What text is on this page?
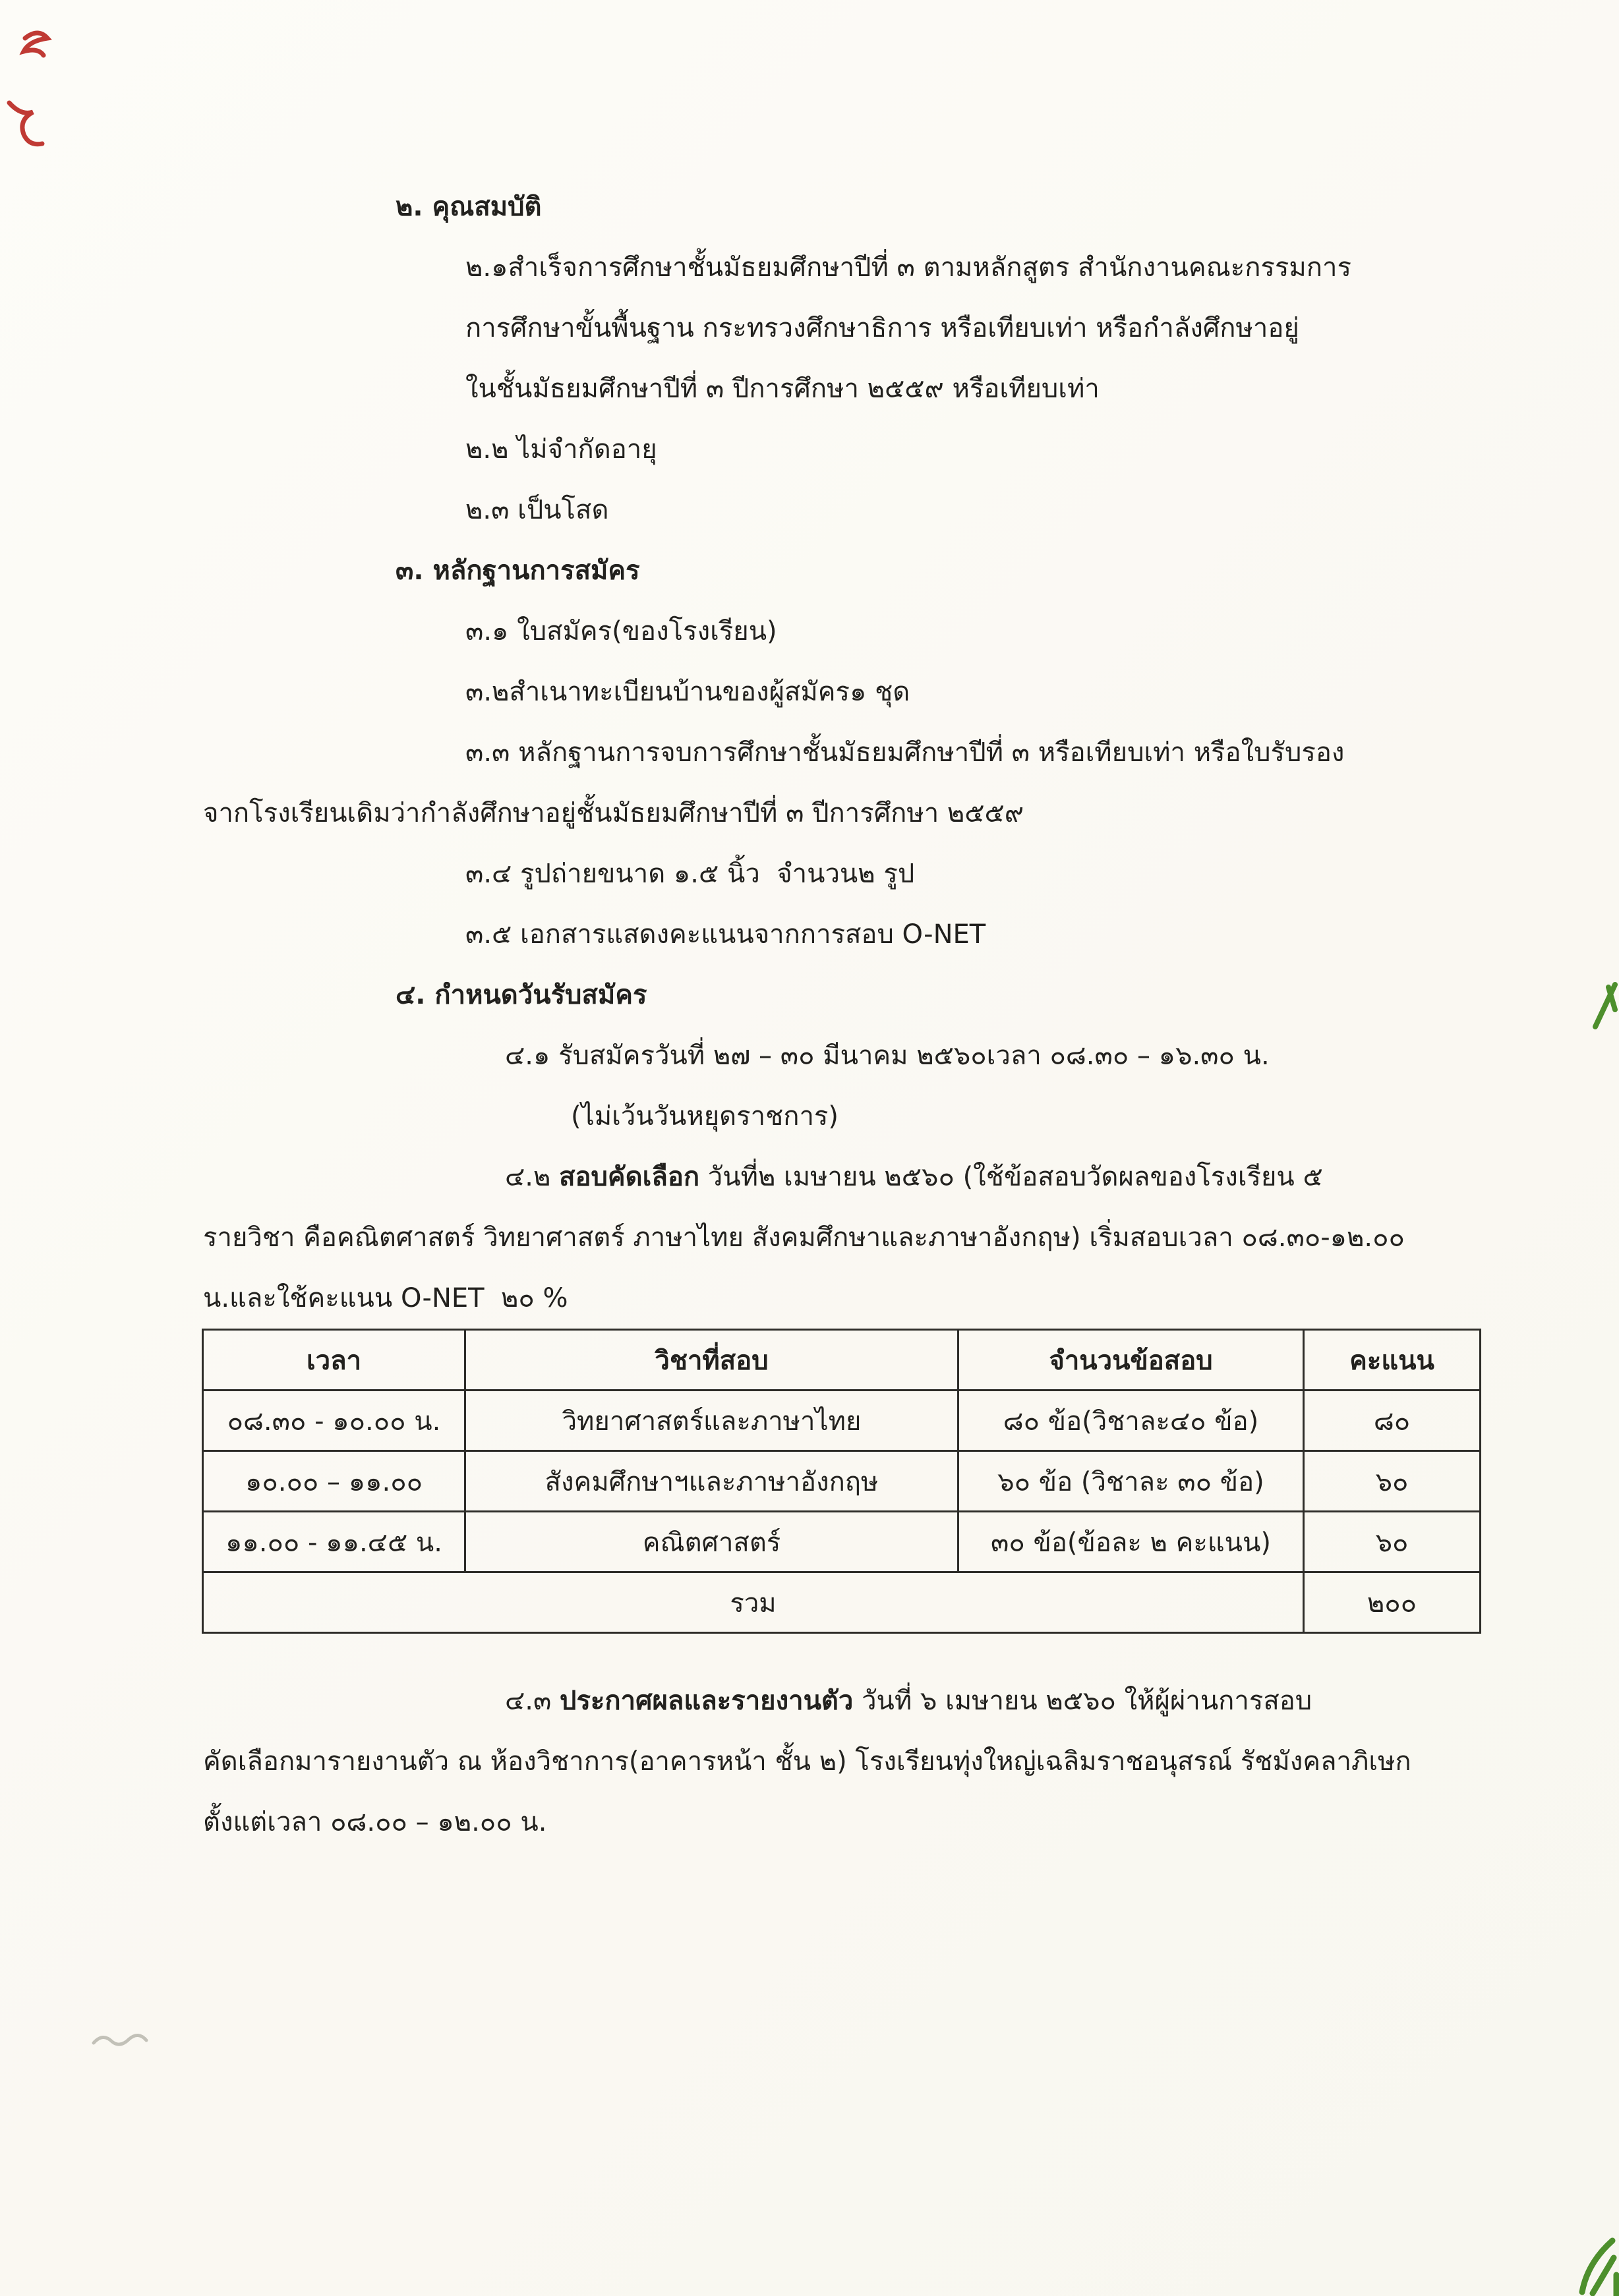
๒. คุณสมบัติ
๒.๑สำเร็จการศึกษาชั้นมัธยมศึกษาปีที่ ๓ ตามหลักสูตร สำนักงานคณะกรรมการ
การศึกษาขั้นพื้นฐาน กระทรวงศึกษาธิการ หรือเทียบเท่า หรือกำลังศึกษาอยู่
ในชั้นมัธยมศึกษาปีที่ ๓ ปีการศึกษา ๒๕๕๙ หรือเทียบเท่า
๒.๒ ไม่จำกัดอายุ
๒.๓ เป็นโสด
๓. หลักฐานการสมัคร
๓.๑ ใบสมัคร(ของโรงเรียน)
๓.๒สำเนาทะเบียนบ้านของผู้สมัคร๑ ชุด
๓.๓ หลักฐานการจบการศึกษาชั้นมัธยมศึกษาปีที่ ๓ หรือเทียบเท่า หรือใบรับรอง
จากโรงเรียนเดิมว่ากำลังศึกษาอยู่ชั้นมัธยมศึกษาปีที่ ๓ ปีการศึกษา ๒๕๕๙
๓.๔ รูปถ่ายขนาด ๑.๕ นิ้ว  จำนวน๒ รูป
๓.๕ เอกสารแสดงคะแนนจากการสอบ O-NET
๔. กำหนดวันรับสมัคร
๔.๑ รับสมัครวันที่ ๒๗ – ๓๐ มีนาคม ๒๕๖๐เวลา ๐๘.๓๐ – ๑๖.๓๐ น.
(ไม่เว้นวันหยุดราชการ)
๔.๒ สอบคัดเลือก วันที่๒ เมษายน ๒๕๖๐ (ใช้ข้อสอบวัดผลของโรงเรียน ๕
รายวิชา คือคณิตศาสตร์ วิทยาศาสตร์ ภาษาไทย สังคมศึกษาและภาษาอังกฤษ) เริ่มสอบเวลา ๐๘.๓๐-๑๒.๐๐
น.และใช้คะแนน O-NET  ๒๐ %
เวลา	วิชาที่สอบ	จำนวนข้อสอบ	คะแนน
๐๘.๓๐ - ๑๐.๐๐ น.	วิทยาศาสตร์และภาษาไทย	๘๐ ข้อ(วิชาละ๔๐ ข้อ)	๘๐
๑๐.๐๐ – ๑๑.๐๐	สังคมศึกษาฯและภาษาอังกฤษ	๖๐ ข้อ (วิชาละ ๓๐ ข้อ)	๖๐
๑๑.๐๐ - ๑๑.๔๕ น.	คณิตศาสตร์	๓๐ ข้อ(ข้อละ ๒ คะแนน)	๖๐
รวม			๒๐๐
๔.๓ ประกาศผลและรายงานตัว วันที่ ๖ เมษายน ๒๕๖๐ ให้ผู้ผ่านการสอบ
คัดเลือกมารายงานตัว ณ ห้องวิชาการ(อาคารหน้า ชั้น ๒) โรงเรียนทุ่งใหญ่เฉลิมราชอนุสรณ์ รัชมังคลาภิเษก
ตั้งแต่เวลา ๐๘.๐๐ – ๑๒.๐๐ น.
